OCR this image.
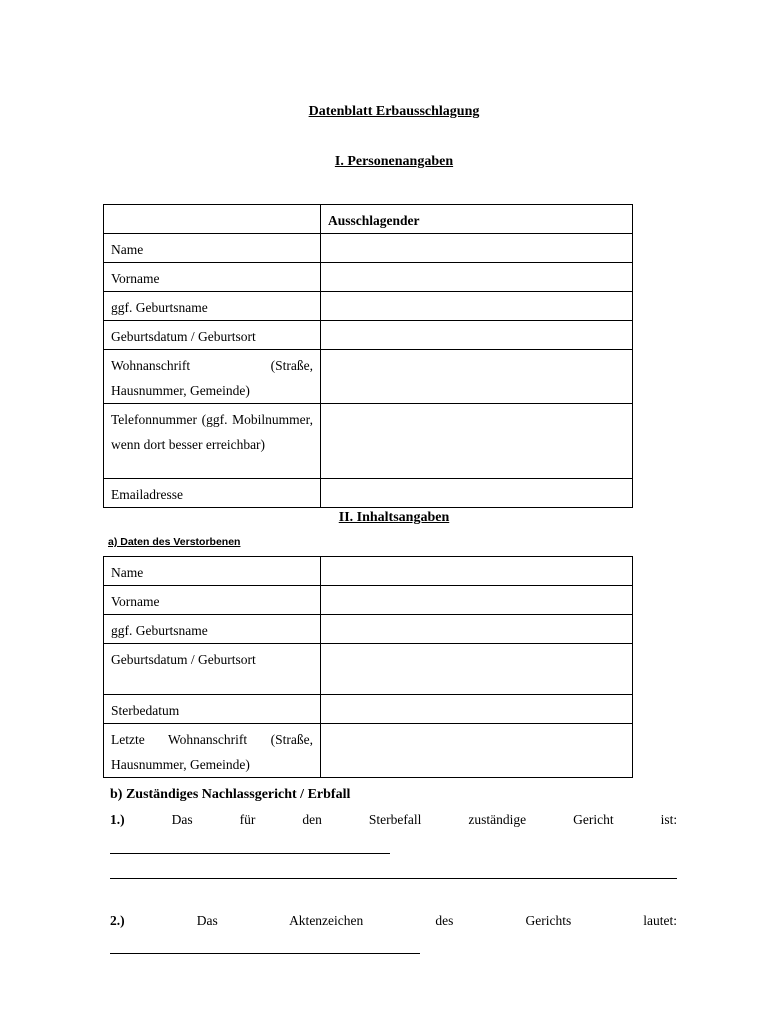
Datenblatt Erbausschlagung
I. Personenangaben
	Ausschlagender
Name	
Vorname	
ggf. Geburtsname	
Geburtsdatum / Geburtsort	
Wohnanschrift (Straße, Hausnummer, Gemeinde)	
Telefonnummer (ggf. Mobilnummer, wenn dort besser erreichbar)	
Emailadresse	
II. Inhaltsangaben
a) Daten des Verstorbenen
Name	
Vorname	
ggf. Geburtsname	
Geburtsdatum / Geburtsort	
Sterbedatum	
Letzte Wohnanschrift (Straße, Hausnummer, Gemeinde)	
b) Zuständiges Nachlassgericht / Erbfall
1.)	Das	für	den	Sterbefall	zuständige	Gericht	ist:
2.)	Das	Aktenzeichen	des	Gerichts	lautet:
